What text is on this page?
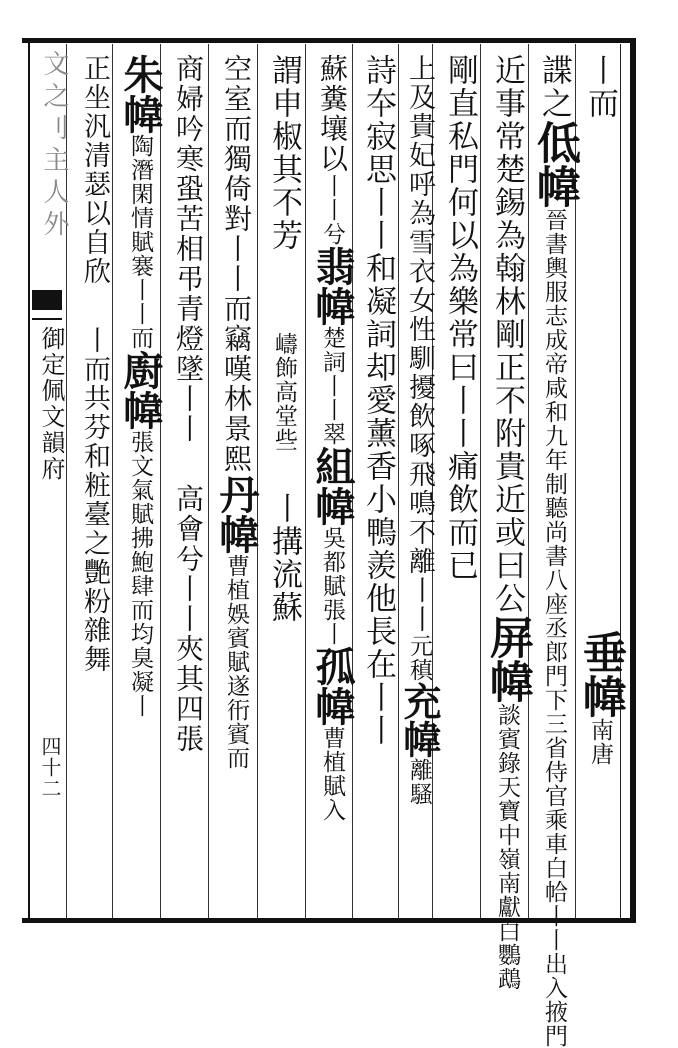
文之刂主人外
御定佩文韻府
四十二
丨而垂幃南唐
諜之低幃晉書輿服志成帝咸和九年制聽尚書八座丞郎門下三省侍官乘車白帢丨丨出入掖門
近事常楚錫為翰林剛正不附貴近或曰公屏幃談賓錄天寶中嶺南獻白鸚鵡
剛直私門何以為樂常曰丨丨痛飲而已
上及貴妃呼為雪衣女性馴擾飲啄飛鳴不離丨丨元稹充幃離騷
詩夲寂思丨丨和凝詞却愛薰香小鴨羨他長在丨丨
蘇糞壤以丨丨兮翡幃楚詞丨丨翠組幃吳都賦張丨孤幃曹植賦入
謂申椒其不芳嶹飾高堂些丨搆流蘇
空室而獨倚對丨丨而竊嘆林景熙丹幃曹植娛賓賦遂衎賓而
商婦吟寒蛩苦相弔青燈墜丨丨高會兮丨丨夾其四張
朱幃陶潛閑情賦褰丨丨而廚幃張文氣賦拂鮑肆而均臭凝丨
正坐汎清瑟以自欣丨而共芬和粧臺之艷粉雜舞
